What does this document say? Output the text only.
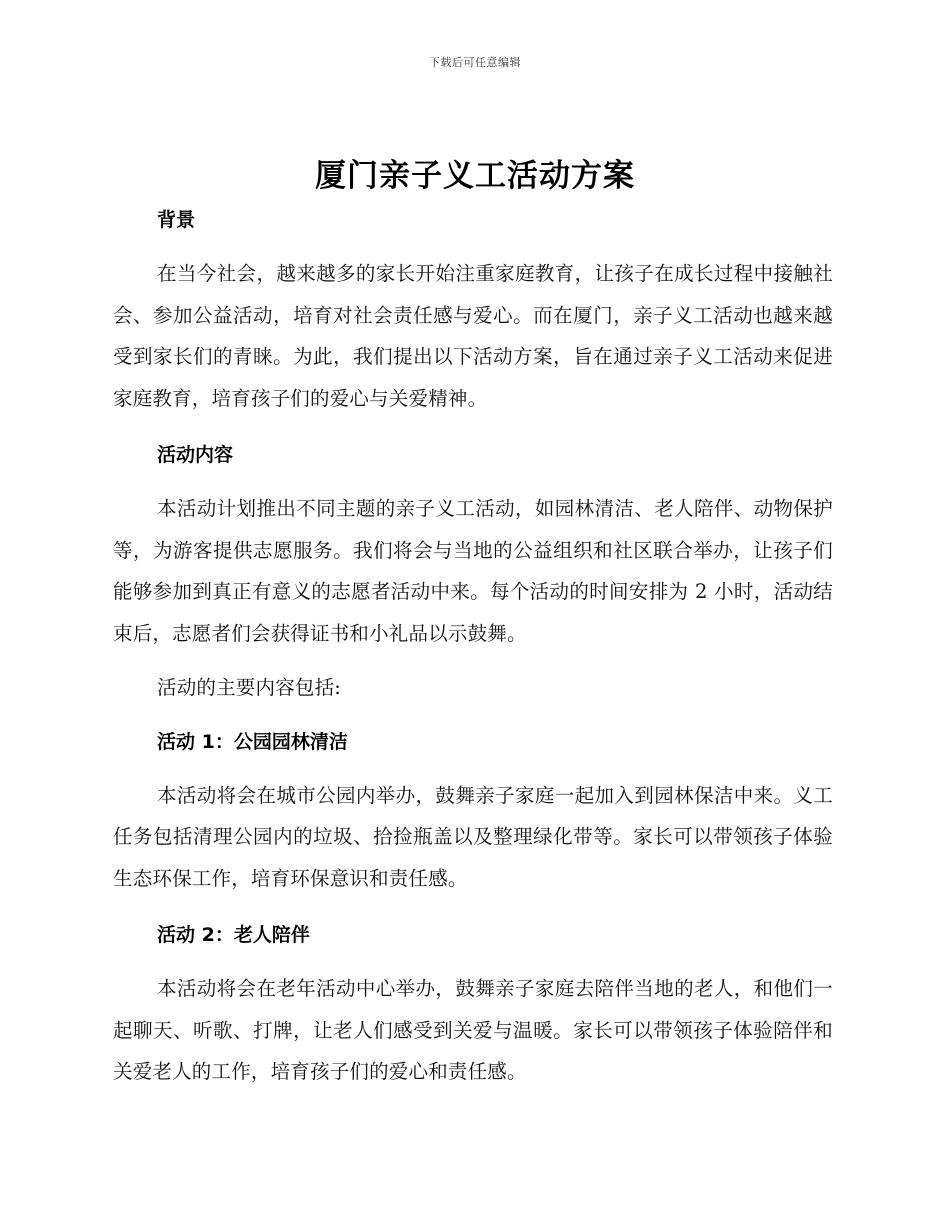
下载后可任意编辑
厦门亲子义工活动方案

背景

在当今社会，越来越多的家长开始注重家庭教育，让孩子在成长过程中接触社会、参加公益活动，培育对社会责任感与爱心。而在厦门，亲子义工活动也越来越受到家长们的青睐。为此，我们提出以下活动方案，旨在通过亲子义工活动来促进家庭教育，培育孩子们的爱心与关爱精神。

活动内容

本活动计划推出不同主题的亲子义工活动，如园林清洁、老人陪伴、动物保护等，为游客提供志愿服务。我们将会与当地的公益组织和社区联合举办，让孩子们能够参加到真正有意义的志愿者活动中来。每个活动的时间安排为 2 小时，活动结束后，志愿者们会获得证书和小礼品以示鼓舞。

活动的主要内容包括:

活动 1：公园园林清洁

本活动将会在城市公园内举办，鼓舞亲子家庭一起加入到园林保洁中来。义工任务包括清理公园内的垃圾、拾捡瓶盖以及整理绿化带等。家长可以带领孩子体验生态环保工作，培育环保意识和责任感。

活动 2：老人陪伴

本活动将会在老年活动中心举办，鼓舞亲子家庭去陪伴当地的老人，和他们一起聊天、听歌、打牌，让老人们感受到关爱与温暖。家长可以带领孩子体验陪伴和关爱老人的工作，培育孩子们的爱心和责任感。
